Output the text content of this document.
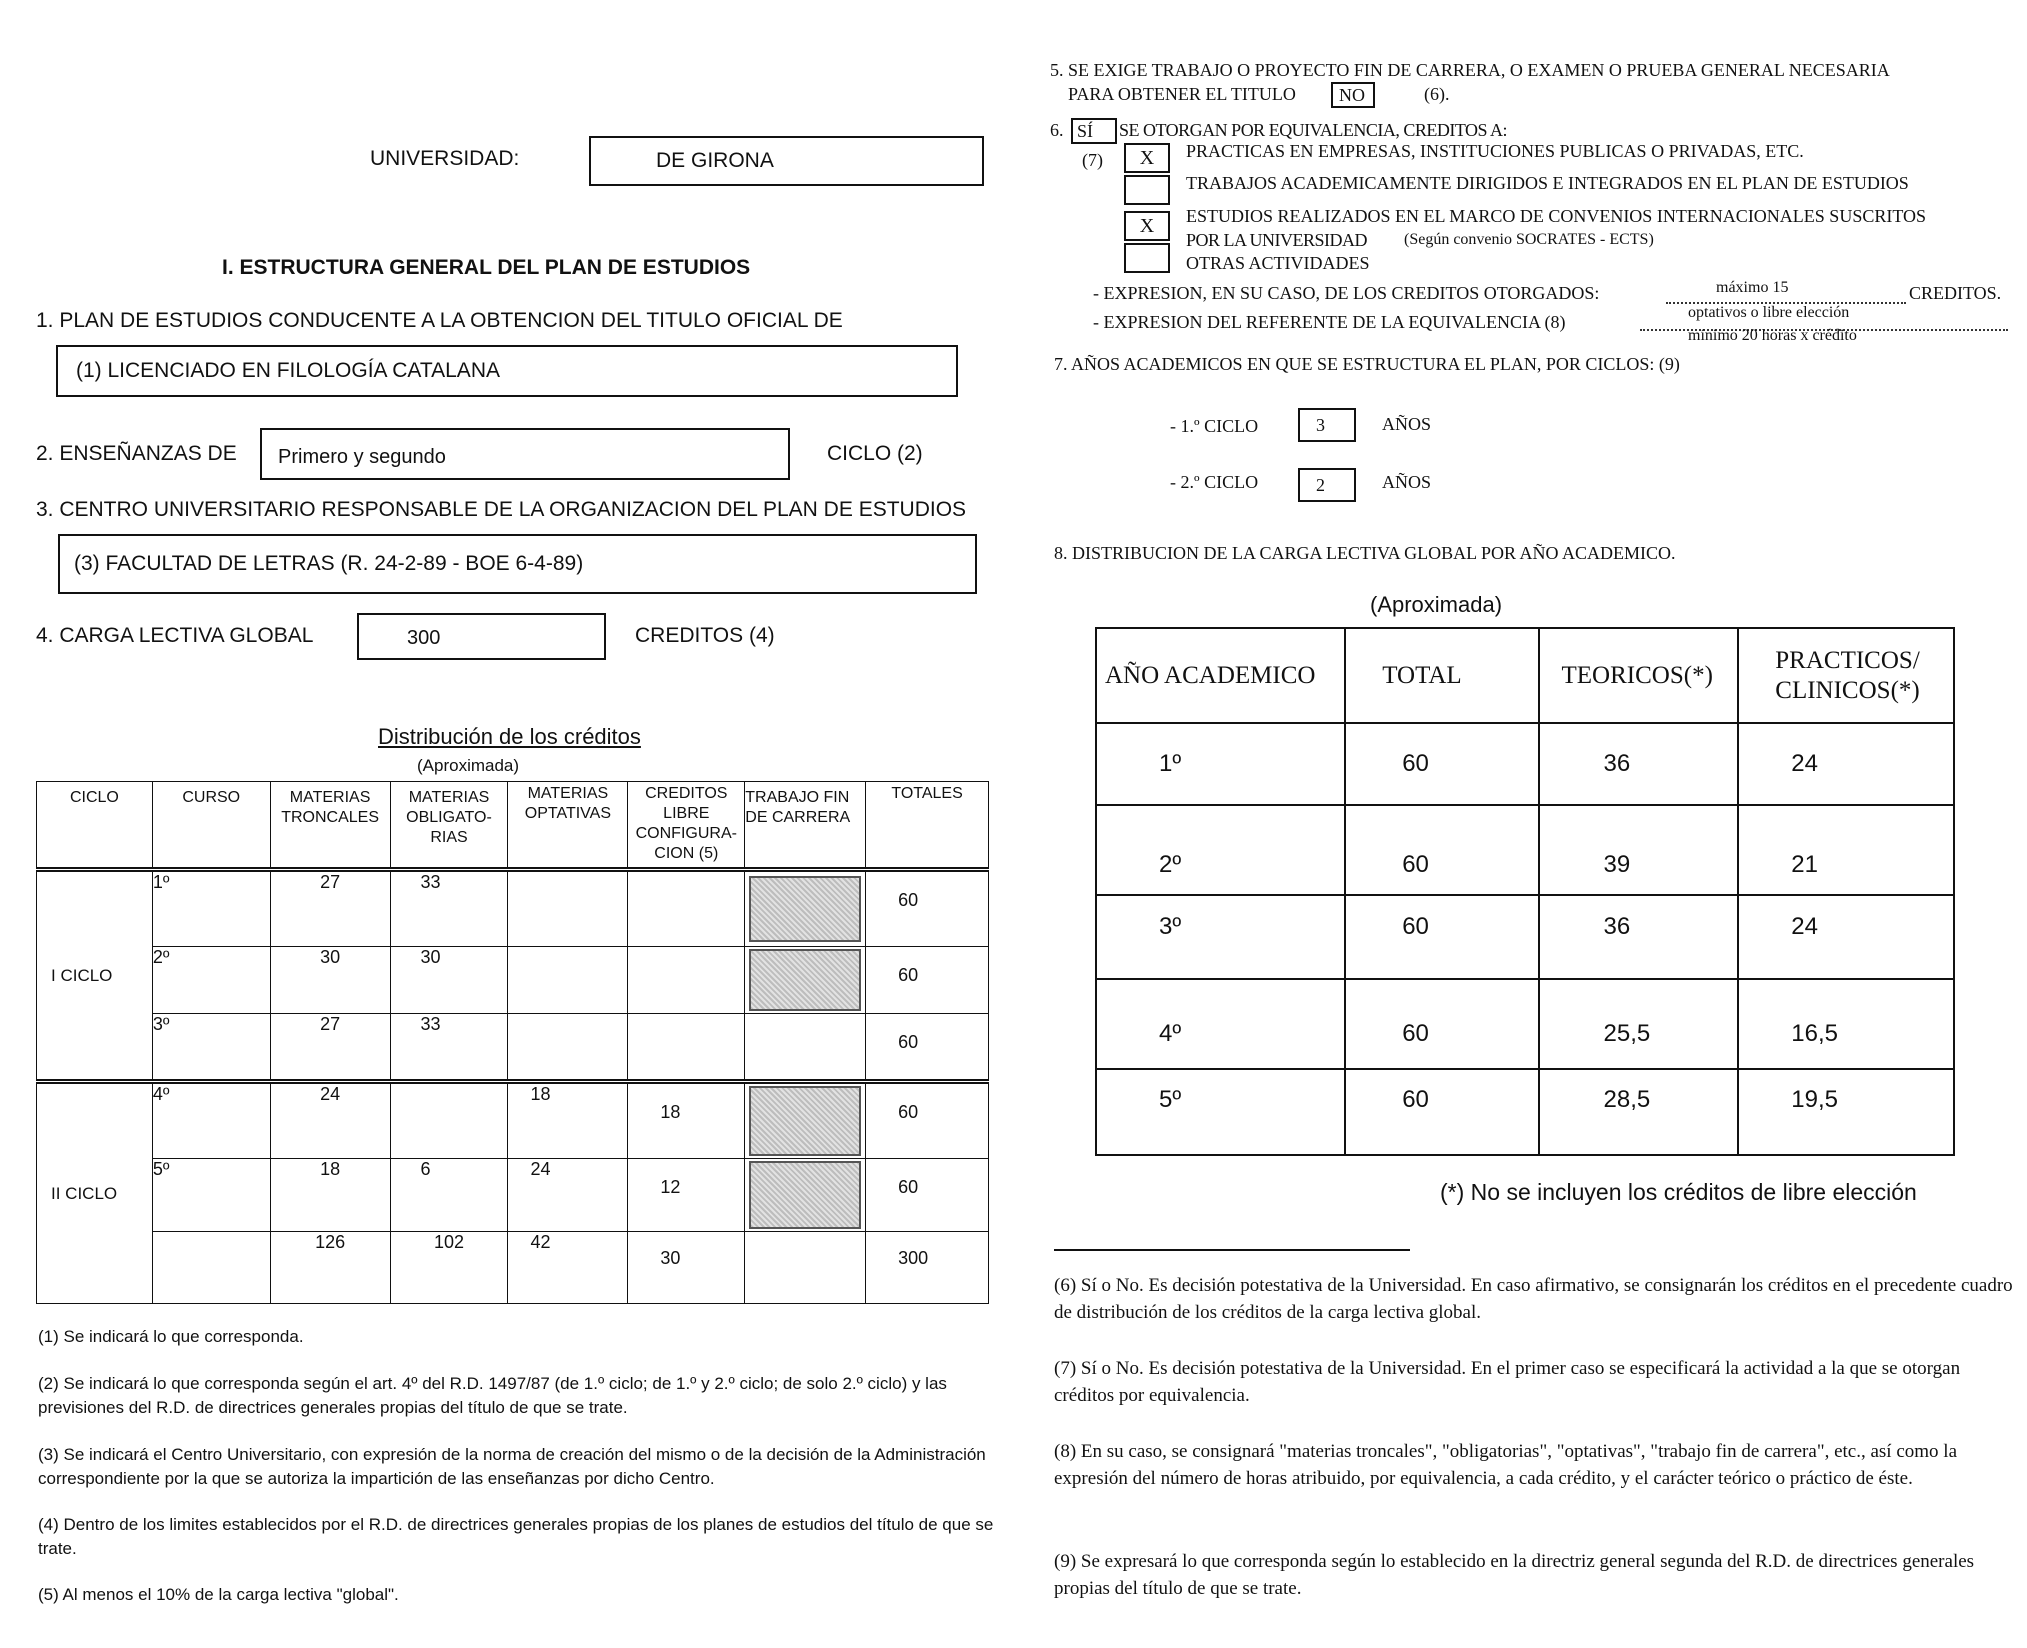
UNIVERSIDAD:	DE GIRONA
I. ESTRUCTURA GENERAL DEL PLAN DE ESTUDIOS
1. PLAN DE ESTUDIOS CONDUCENTE A LA OBTENCION DEL TITULO OFICIAL DE
(1) LICENCIADO EN FILOLOGÍA CATALANA
2. ENSEÑANZAS DE Primero y segundo	CICLO (2)
3. CENTRO UNIVERSITARIO RESPONSABLE DE LA ORGANIZACION DEL PLAN DE ESTUDIOS
(3) FACULTAD DE LETRAS (R. 24-2-89 - BOE 6-4-89)
4. CARGA LECTIVA GLOBAL	300	CREDITOS (4)
Distribución de los créditos
(Aproximada)
CICLO	CURSO	MATERIAS TRONCALES	MATERIAS OBLIGATO-RIAS	MATERIAS OPTATIVAS	CREDITOS LIBRE CONFIGURA-CION (5)	TRABAJO FIN DE CARRERA	TOTALES
I CICLO	1º	27	33				60
	2º	30	30				60
	3º	27	33				60
II CICLO	4º	24		18	18		60
	5º	18	6	24	12		60
		126	102	42	30		300
(1) Se indicará lo que corresponda.
(2) Se indicará lo que corresponda según el art. 4º del R.D. 1497/87 (de 1.º ciclo; de 1.º y 2.º ciclo; de solo 2.º ciclo) y las previsiones del R.D. de directrices generales propias del título de que se trate.
(3) Se indicará el Centro Universitario, con expresión de la norma de creación del mismo o de la decisión de la Administración correspondiente por la que se autoriza la impartición de las enseñanzas por dicho Centro.
(4) Dentro de los limites establecidos por el R.D. de directrices generales propias de los planes de estudios del título de que se trate.
(5) Al menos el 10% de la carga lectiva "global".
5. SE EXIGE TRABAJO O PROYECTO FIN DE CARRERA, O EXAMEN O PRUEBA GENERAL NECESARIA
PARA OBTENER EL TITULO NO	(6).
6. SÍ SE OTORGAN POR EQUIVALENCIA, CREDITOS A:
(7)	X	PRACTICAS EN EMPRESAS, INSTITUCIONES PUBLICAS O PRIVADAS, ETC.
TRABAJOS ACADEMICAMENTE DIRIGIDOS E INTEGRADOS EN EL PLAN DE ESTUDIOS
X	ESTUDIOS REALIZADOS EN EL MARCO DE CONVENIOS INTERNACIONALES SUSCRITOS
POR LA UNIVERSIDAD (Según convenio SOCRATES - ECTS)
OTRAS ACTIVIDADES
- EXPRESION, EN SU CASO, DE LOS CREDITOS OTORGADOS:	máximo 15	CREDITOS.
- EXPRESION DEL REFERENTE DE LA EQUIVALENCIA (8)	optativos o libre elección
mínimo 20 horas x crédito
7. AÑOS ACADEMICOS EN QUE SE ESTRUCTURA EL PLAN, POR CICLOS: (9)
- 1.º CICLO	3	AÑOS
- 2.º CICLO	2	AÑOS
8. DISTRIBUCION DE LA CARGA LECTIVA GLOBAL POR AÑO ACADEMICO.
(Aproximada)
AÑO ACADEMICO	TOTAL	TEORICOS(*)	PRACTICOS/ CLINICOS(*)
1º	60	36	24
2º	60	39	21
3º	60	36	24
4º	60	25,5	16,5
5º	60	28,5	19,5
(*) No se incluyen los créditos de libre elección
(6) Sí o No. Es decisión potestativa de la Universidad. En caso afirmativo, se consignarán los créditos en el precedente cuadro de distribución de los créditos de la carga lectiva global.
(7) Sí o No. Es decisión potestativa de la Universidad. En el primer caso se especificará la actividad a la que se otorgan créditos por equivalencia.
(8) En su caso, se consignará "materias troncales", "obligatorias", "optativas", "trabajo fin de carrera", etc., así como la expresión del número de horas atribuido, por equivalencia, a cada crédito, y el carácter teórico o práctico de éste.
(9) Se expresará lo que corresponda según lo establecido en la directriz general segunda del R.D. de directrices generales propias del título de que se trate.
